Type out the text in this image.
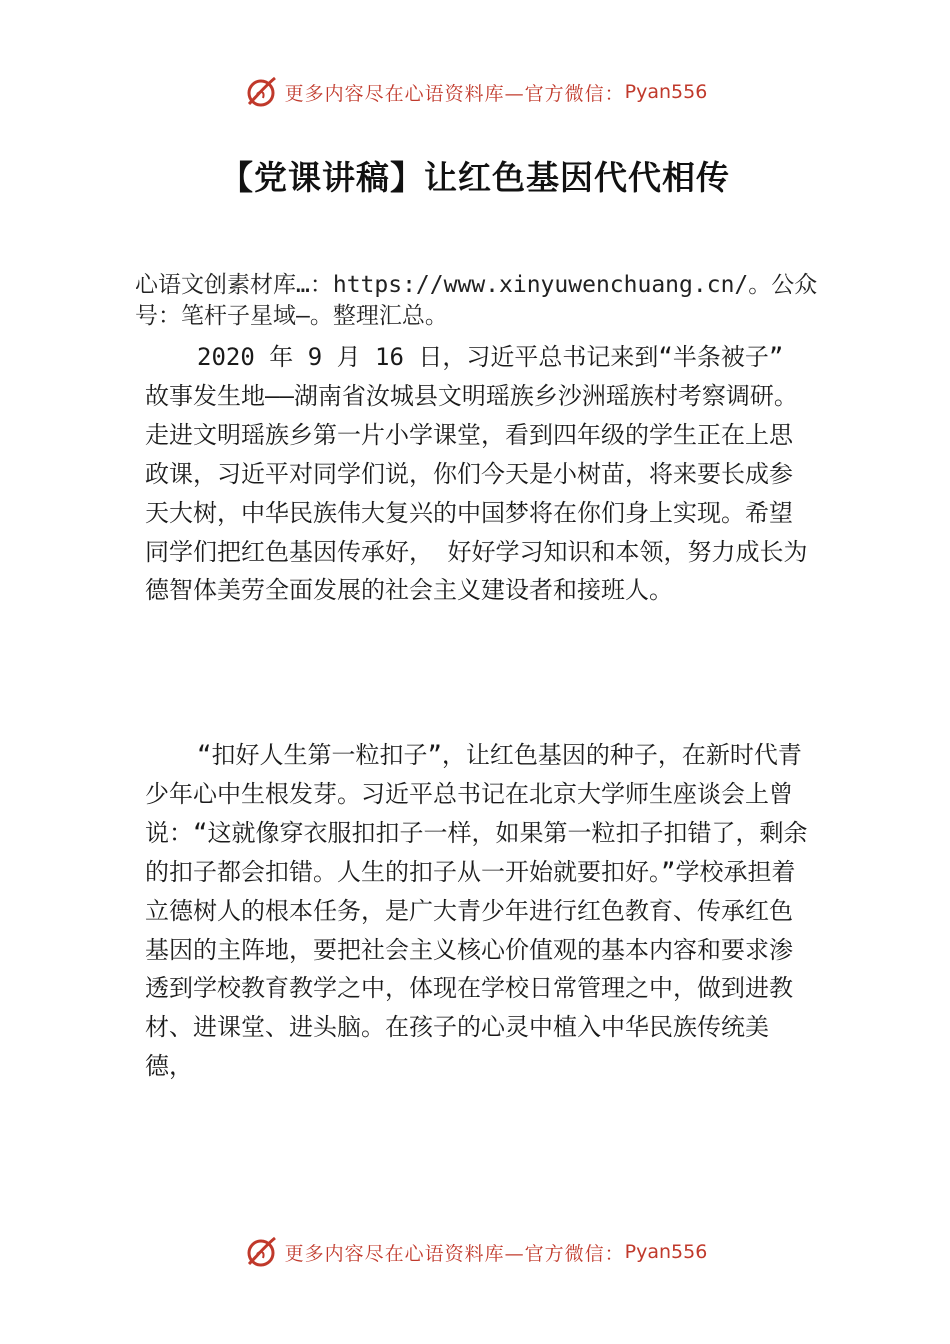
更多内容尽在心语资料库—官方微信： Pyan556
【党课讲稿】让红色基因代代相传
心语文创素材库…：https://www.xinyuwenchuang.cn/。公众号：笔杆子星域—。整理汇总。
2020 年 9 月 16 日，习近平总书记来到“半条被子” 故事发生地——湖南省汝城县文明瑶族乡沙洲瑶族村考察调研。走进文明瑶族乡第一片小学课堂，看到四年级的学生正在上思政课，习近平对同学们说，你们今天是小树苗，将来要长成参天大树，中华民族伟大复兴的中国梦将在你们身上实现。希望同学们把红色基因传承好， 好好学习知识和本领，努力成长为德智体美劳全面发展的社会主义建设者和接班人。
“扣好人生第一粒扣子”，让红色基因的种子，在新时代青少年心中生根发芽。习近平总书记在北京大学师生座谈会上曾说：“这就像穿衣服扣扣子一样，如果第一粒扣子扣错了，剩余的扣子都会扣错。人生的扣子从一开始就要扣好。”学校承担着立德树人的根本任务，是广大青少年进行红色教育、传承红色基因的主阵地，要把社会主义核心价值观的基本内容和要求渗透到学校教育教学之中，体现在学校日常管理之中，做到进教材、进课堂、进头脑。在孩子的心灵中植入中华民族传统美德，
更多内容尽在心语资料库—官方微信： Pyan556
